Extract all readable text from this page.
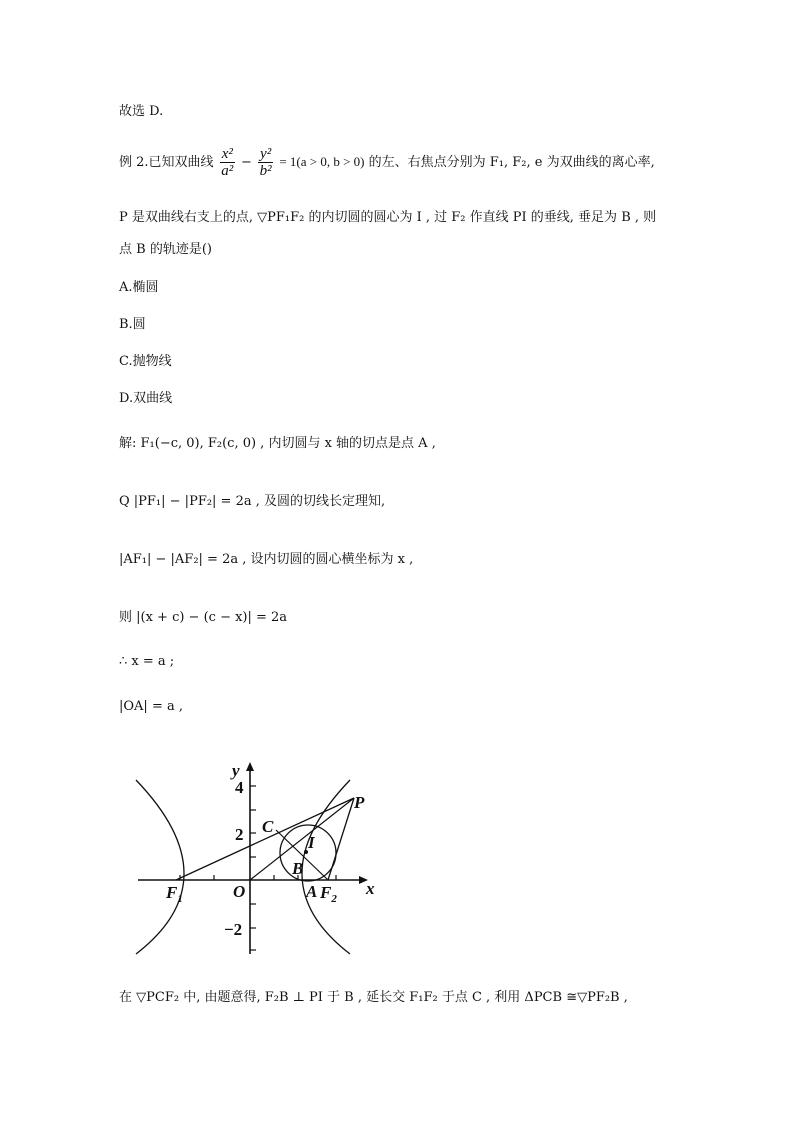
故选 D.
例 2.已知双曲线 $\frac{\text{x²}}{\text{a²}} - \frac{\text{y²}}{\text{b²}} = 1(a > 0$, b > 0) 的左、右焦点分别为 F₁, F₂, e 为双曲线的离心率,
P 是双曲线右支上的点, ▽PF₁F₂ 的内切圆的圆心为 I , 过 F₂ 作直线 PI 的垂线, 垂足为 B , 则
点 B 的轨迹是()
A.椭圆
B.圆
C.抛物线
D.双曲线
解: F₁(−c, 0), F₂(c, 0) , 内切圆与 x 轴的切点是点 A ,
Q |PF₁| − |PF₂| = 2a , 及圆的切线长定理知,
|AF₁| − |AF₂| = 2a , 设内切圆的圆心横坐标为 x ,
则 |(x + c) − (c − x)| = 2a
∴ x = a ;
|OA| = a ,
在 ▽PCF₂ 中, 由题意得, F₂B ⊥ PI 于 B , 延长交 F₁F₂ 于点 C , 利用 ΔPCB ≅▽PF₂B ,
y
x
O
$F_1$	$F_2$
A
B
C
I
P
4
2
−2
